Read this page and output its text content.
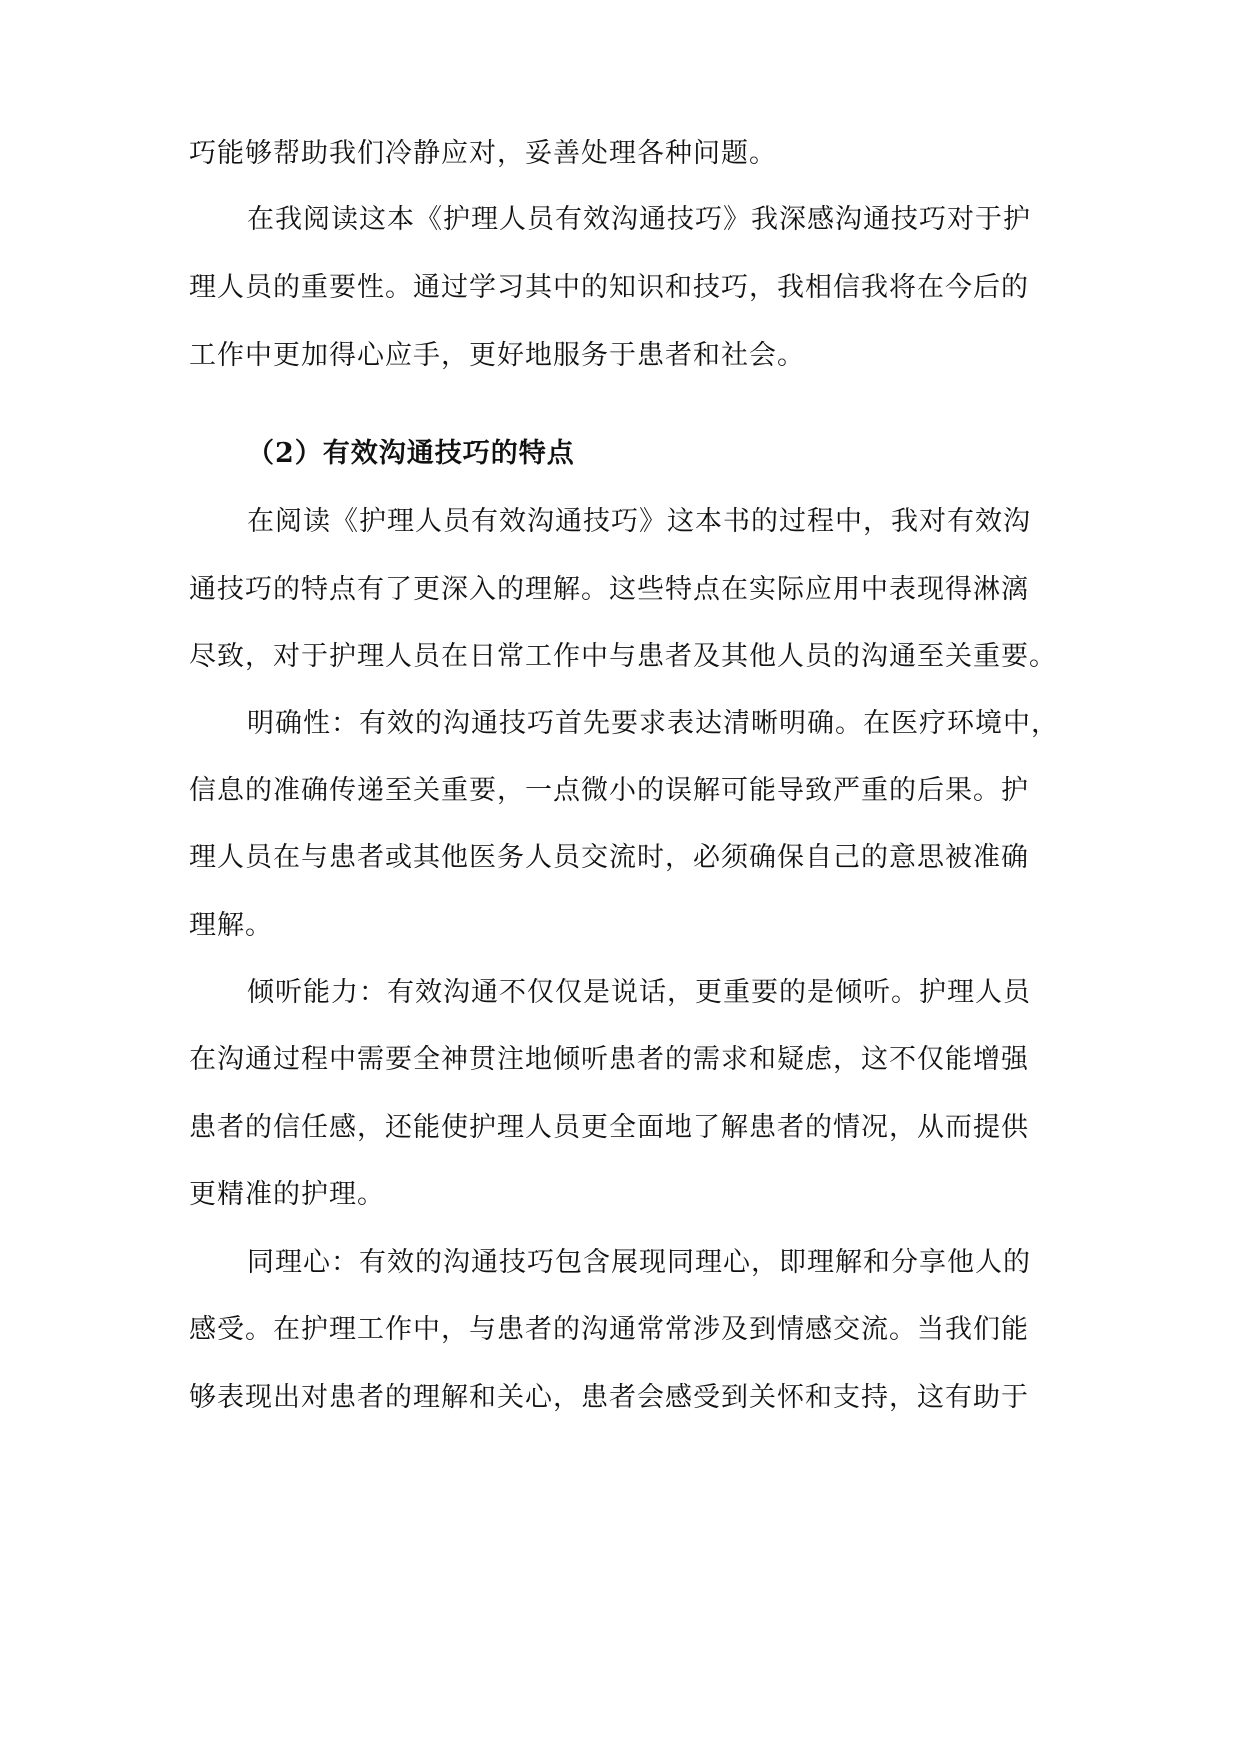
巧能够帮助我们冷静应对，妥善处理各种问题。
在我阅读这本《护理人员有效沟通技巧》我深感沟通技巧对于护
理人员的重要性。通过学习其中的知识和技巧，我相信我将在今后的
工作中更加得心应手，更好地服务于患者和社会。
（2）有效沟通技巧的特点
在阅读《护理人员有效沟通技巧》这本书的过程中，我对有效沟
通技巧的特点有了更深入的理解。这些特点在实际应用中表现得淋漓
尽致，对于护理人员在日常工作中与患者及其他人员的沟通至关重要。
明确性：有效的沟通技巧首先要求表达清晰明确。在医疗环境中，
信息的准确传递至关重要，一点微小的误解可能导致严重的后果。护
理人员在与患者或其他医务人员交流时，必须确保自己的意思被准确
理解。
倾听能力：有效沟通不仅仅是说话，更重要的是倾听。护理人员
在沟通过程中需要全神贯注地倾听患者的需求和疑虑，这不仅能增强
患者的信任感，还能使护理人员更全面地了解患者的情况，从而提供
更精准的护理。
同理心：有效的沟通技巧包含展现同理心，即理解和分享他人的
感受。在护理工作中，与患者的沟通常常涉及到情感交流。当我们能
够表现出对患者的理解和关心，患者会感受到关怀和支持，这有助于
